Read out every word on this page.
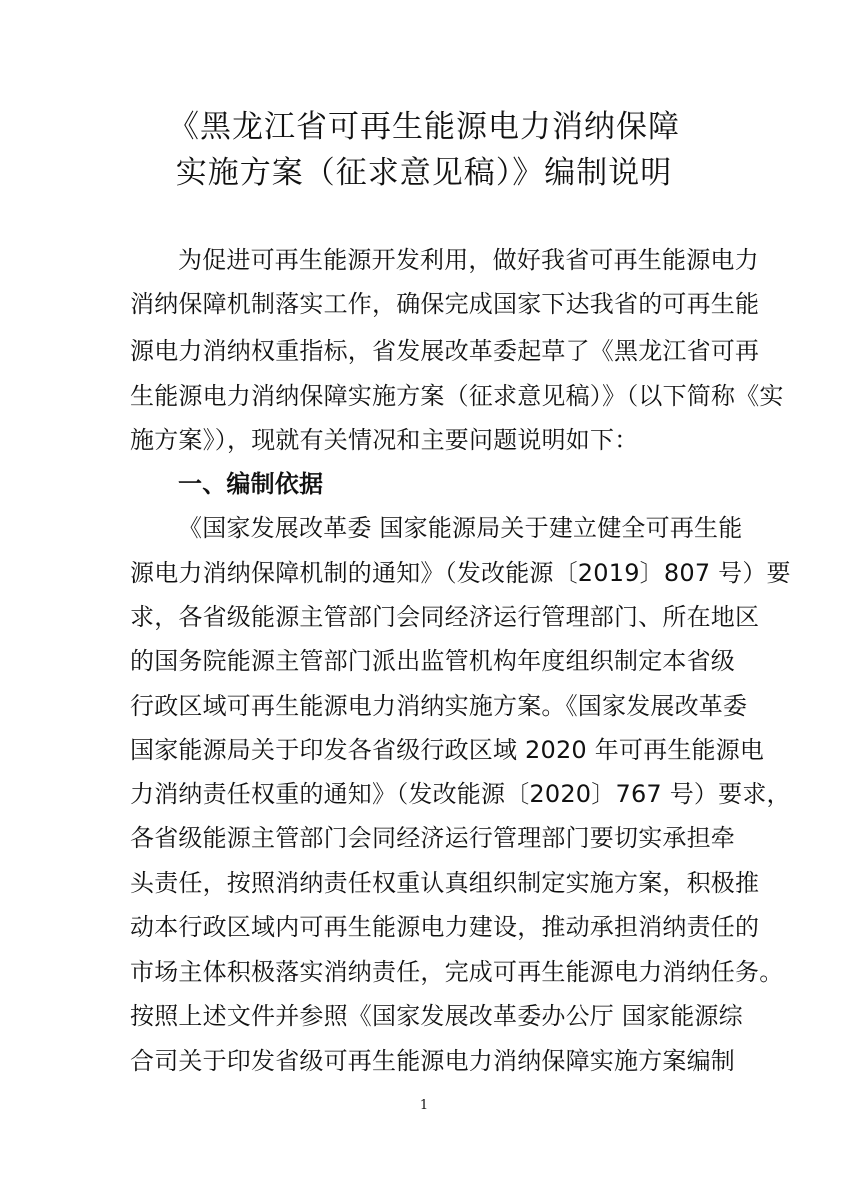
《黑龙江省可再生能源电力消纳保障
实施方案（征求意见稿）》编制说明
为促进可再生能源开发利用，做好我省可再生能源电力
消纳保障机制落实工作，确保完成国家下达我省的可再生能
源电力消纳权重指标，省发展改革委起草了《黑龙江省可再
生能源电力消纳保障实施方案（征求意见稿）》（以下简称《实
施方案》），现就有关情况和主要问题说明如下：
一、编制依据
《国家发展改革委 国家能源局关于建立健全可再生能
源电力消纳保障机制的通知》（发改能源〔2019〕807 号）要
求，各省级能源主管部门会同经济运行管理部门、所在地区
的国务院能源主管部门派出监管机构年度组织制定本省级
行政区域可再生能源电力消纳实施方案。《国家发展改革委
国家能源局关于印发各省级行政区域 2020 年可再生能源电
力消纳责任权重的通知》（发改能源〔2020〕767 号）要求，
各省级能源主管部门会同经济运行管理部门要切实承担牵
头责任，按照消纳责任权重认真组织制定实施方案，积极推
动本行政区域内可再生能源电力建设，推动承担消纳责任的
市场主体积极落实消纳责任，完成可再生能源电力消纳任务。
按照上述文件并参照《国家发展改革委办公厅 国家能源综
合司关于印发省级可再生能源电力消纳保障实施方案编制
1
